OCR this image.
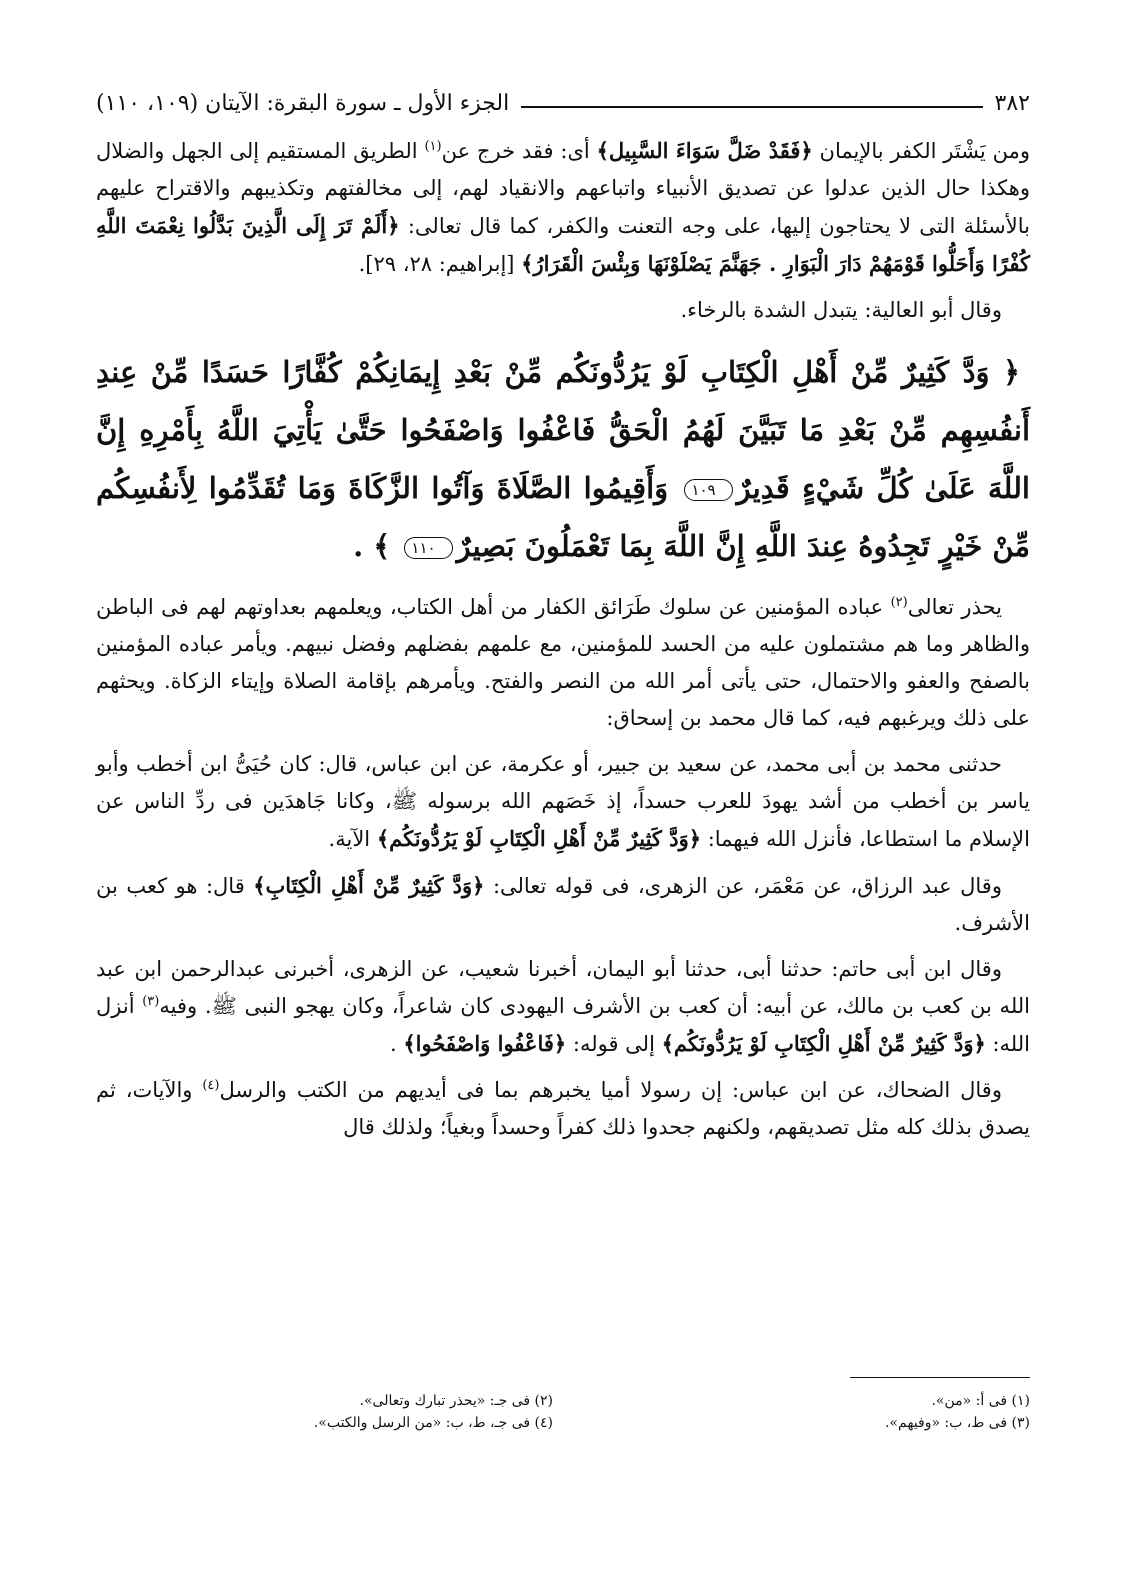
٣٨٢
الجزء الأول ـ سورة البقرة: الآيتان (١٠٩، ١١٠)

ومن يَشْتَر الكفر بالإيمان ﴿فَقَدْ ضَلَّ سَوَاءَ السَّبِيل﴾ أى: فقد خرج عن$^{(١)}$ الطريق المستقيم إلى الجهل والضلال وهكذا حال الذين عدلوا عن تصديق الأنبياء واتباعهم والانقياد لهم، إلى مخالفتهم وتكذيبهم والاقتراح عليهم بالأسئلة التى لا يحتاجون إليها، على وجه التعنت والكفر، كما قال تعالى: ﴿أَلَمْ تَرَ إِلَى الَّذِينَ بَدَّلُوا نِعْمَتَ اللَّهِ كُفْرًا وَأَحَلُّوا قَوْمَهُمْ دَارَ الْبَوَارِ . جَهَنَّمَ يَصْلَوْنَهَا وَبِئْسَ الْقَرَارُ﴾ [إبراهيم: ٢٨، ٢٩].

وقال أبو العالية: يتبدل الشدة بالرخاء.

﴿ وَدَّ كَثِيرٌ مِّنْ أَهْلِ الْكِتَابِ لَوْ يَرُدُّونَكُم مِّنْ بَعْدِ إِيمَانِكُمْ كُفَّارًا حَسَدًا مِّنْ عِندِ أَنفُسِهِم مِّنْ بَعْدِ مَا تَبَيَّنَ لَهُمُ الْحَقُّ فَاعْفُوا وَاصْفَحُوا حَتَّىٰ يَأْتِيَ اللَّهُ بِأَمْرِهِ إِنَّ اللَّهَ عَلَىٰ كُلِّ شَيْءٍ قَدِيرٌ١٠٩ وَأَقِيمُوا الصَّلَاةَ وَآتُوا الزَّكَاةَ وَمَا تُقَدِّمُوا لِأَنفُسِكُم مِّنْ خَيْرٍ تَجِدُوهُ عِندَ اللَّهِ إِنَّ اللَّهَ بِمَا تَعْمَلُونَ بَصِيرٌ١١٠ ﴾ .

يحذر تعالى$^{(٢)}$ عباده المؤمنين عن سلوك طَرَائق الكفار من أهل الكتاب، ويعلمهم بعداوتهم لهم فى الباطن والظاهر وما هم مشتملون عليه من الحسد للمؤمنين، مع علمهم بفضلهم وفضل نبيهم. ويأمر عباده المؤمنين بالصفح والعفو والاحتمال، حتى يأتى أمر الله من النصر والفتح. ويأمرهم بإقامة الصلاة وإيتاء الزكاة. ويحثهم على ذلك ويرغبهم فيه، كما قال محمد بن إسحاق:

حدثنى محمد بن أبى محمد، عن سعيد بن جبير، أو عكرمة، عن ابن عباس، قال: كان حُيَىُّ ابن أخطب وأبو ياسر بن أخطب من أشد يهودَ للعرب حسداً، إذ خَصَهم الله برسوله ﷺ، وكانا جَاهدَين فى ردِّ الناس عن الإسلام ما استطاعا، فأنزل الله فيهما: ﴿وَدَّ كَثِيرٌ مِّنْ أَهْلِ الْكِتَابِ لَوْ يَرُدُّونَكُم﴾ الآية.

وقال عبد الرزاق، عن مَعْمَر، عن الزهرى، فى قوله تعالى: ﴿وَدَّ كَثِيرٌ مِّنْ أَهْلِ الْكِتَابِ﴾ قال: هو كعب بن الأشرف.

وقال ابن أبى حاتم: حدثنا أبى، حدثنا أبو اليمان، أخبرنا شعيب، عن الزهرى، أخبرنى عبدالرحمن ابن عبد الله بن كعب بن مالك، عن أبيه: أن كعب بن الأشرف اليهودى كان شاعراً، وكان يهجو النبى ﷺ. وفيه$^{(٣)}$ أنزل الله: ﴿وَدَّ كَثِيرٌ مِّنْ أَهْلِ الْكِتَابِ لَوْ يَرُدُّونَكُم﴾ إلى قوله: ﴿فَاعْفُوا وَاصْفَحُوا﴾ .

وقال الضحاك، عن ابن عباس: إن رسولا أميا يخبرهم بما فى أيديهم من الكتب والرسل$^{(٤)}$ والآيات، ثم يصدق بذلك كله مثل تصديقهم، ولكنهم جحدوا ذلك كفراً وحسداً وبغياً؛ ولذلك قال

(١) فى أ: «من».
(٢) فى جـ: «يحذر تبارك وتعالى».
(٣) فى ط، ب: «وفيهم».
(٤) فى جـ، ط، ب: «من الرسل والكتب».
